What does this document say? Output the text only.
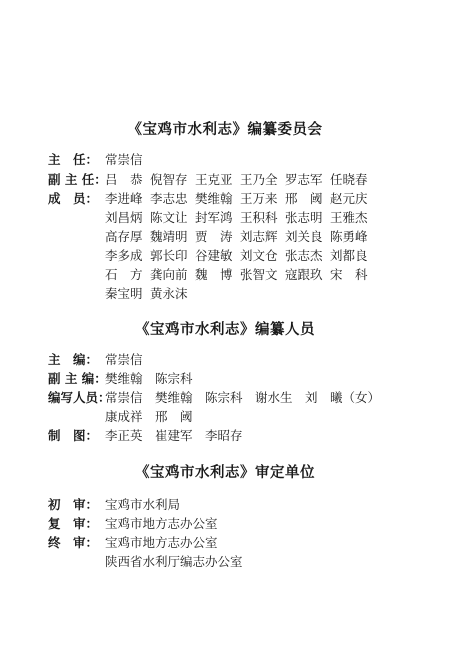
《宝鸡市水利志》编纂委员会
主　任： 常崇信
副 主 任：
吕　恭 倪智存 王克亚 王乃全 罗志军 任晓春
成　员： 李进峰 李志忠 樊维翰 王万来 邢　阈 赵元庆
刘昌炳 陈文让 封军鸿 王积科 张志明 王雅杰
高存厚 魏靖明 贾　涛 刘志辉 刘关良 陈勇峰
李多成 郭长印 谷建敏 刘文仓 张志杰 刘都良
石　方 龚向前 魏　博 张智文 寇跟玖 宋　科
秦宝明 黄永沫
《宝鸡市水利志》编纂人员
主　编： 常崇信
副 主 编：
樊维翰　陈宗科
编写人员：
常崇信　樊维翰　陈宗科　谢水生　刘　曦（女）
康成祥　邢　阈
制　图： 李正英　崔建军　李昭存
《宝鸡市水利志》审定单位
初　审： 宝鸡市水利局
复　审： 宝鸡市地方志办公室
终　审： 宝鸡市地方志办公室
陕西省水利厅编志办公室
